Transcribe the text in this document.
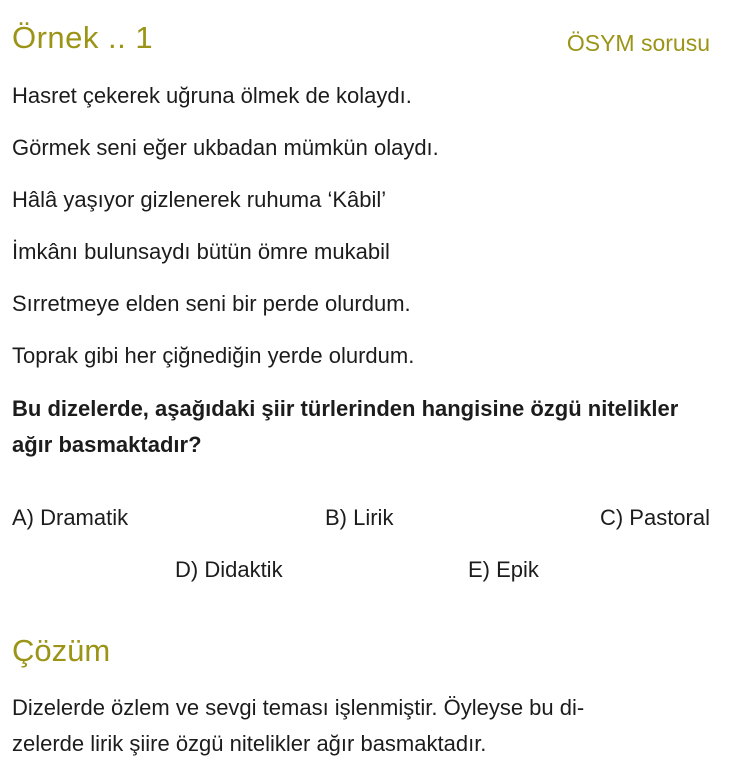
Örnek .. 1	ÖSYM sorusu
Hasret çekerek uğruna ölmek de kolaydı.
Görmek seni eğer ukbadan mümkün olaydı.
Hâlâ yaşıyor gizlenerek ruhuma ‘Kâbil’
İmkânı bulunsaydı bütün ömre mukabil
Sırretmeye elden seni bir perde olurdum.
Toprak gibi her çiğnediğin yerde olurdum.
Bu dizelerde, aşağıdaki şiir türlerinden hangisine özgü nitelikler ağır basmaktadır?
A) Dramatik	B) Lirik	C) Pastoral
D) Didaktik	E) Epik
Çözüm
Dizelerde özlem ve sevgi teması işlenmiştir. Öyleyse bu di-
zelerde lirik şiire özgü nitelikler ağır basmaktadır.
